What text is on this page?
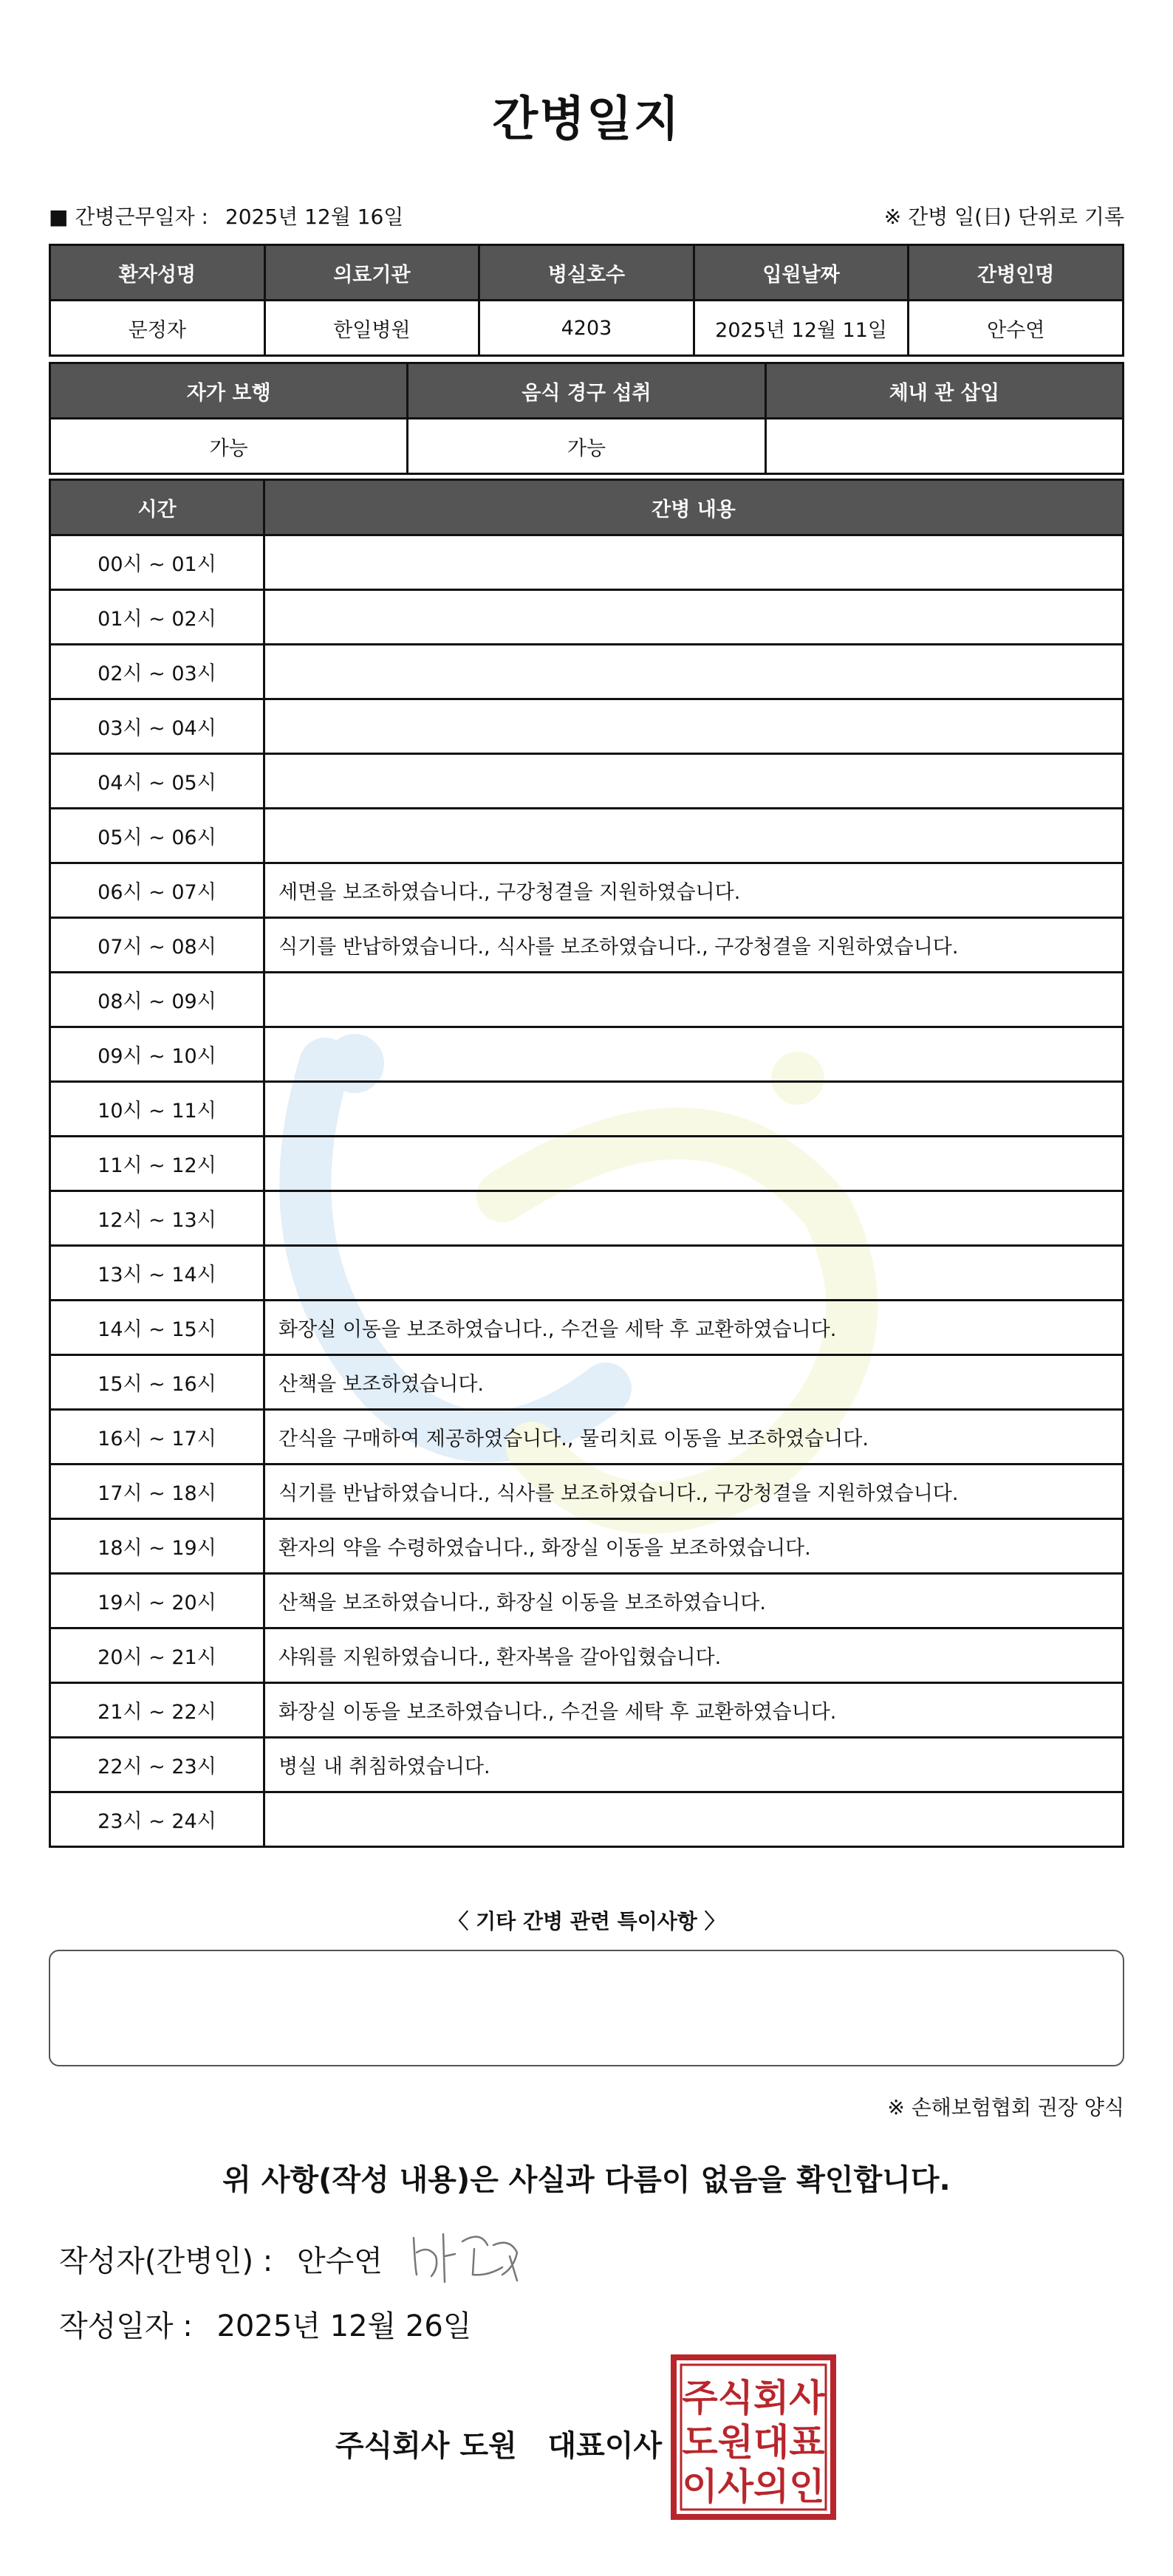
간병일지
■ 간병근무일자 : 2025년 12월 16일	※ 간병 일(日) 단위로 기록
환자성명	의료기관	병실호수	입원날짜	간병인명
문정자	한일병원	4203	2025년 12월 11일	안수연
자가 보행	음식 경구 섭취	체내 관 삽입
가능	가능	
시간	간병 내용
00시 ~ 01시	
01시 ~ 02시	
02시 ~ 03시	
03시 ~ 04시	
04시 ~ 05시	
05시 ~ 06시	
06시 ~ 07시	세면을 보조하였습니다., 구강청결을 지원하였습니다.
07시 ~ 08시	식기를 반납하였습니다., 식사를 보조하였습니다., 구강청결을 지원하였습니다.
08시 ~ 09시	
09시 ~ 10시	
10시 ~ 11시	
11시 ~ 12시	
12시 ~ 13시	
13시 ~ 14시	
14시 ~ 15시	화장실 이동을 보조하였습니다., 수건을 세탁 후 교환하였습니다.
15시 ~ 16시	산책을 보조하였습니다.
16시 ~ 17시	간식을 구매하여 제공하였습니다., 물리치료 이동을 보조하였습니다.
17시 ~ 18시	식기를 반납하였습니다., 식사를 보조하였습니다., 구강청결을 지원하였습니다.
18시 ~ 19시	환자의 약을 수령하였습니다., 화장실 이동을 보조하였습니다.
19시 ~ 20시	산책을 보조하였습니다., 화장실 이동을 보조하였습니다.
20시 ~ 21시	샤워를 지원하였습니다., 환자복을 갈아입혔습니다.
21시 ~ 22시	화장실 이동을 보조하였습니다., 수건을 세탁 후 교환하였습니다.
22시 ~ 23시	병실 내 취침하였습니다.
23시 ~ 24시	
〈 기타 간병 관련 특이사항 〉
※ 손해보험협회 권장 양식
위 사항(작성 내용)은 사실과 다름이 없음을 확인합니다.
작성자(간병인) : 안수연
작성일자 : 2025년 12월 26일
주식회사 도원   대표이사
주식회사
도원대표
이사의인
